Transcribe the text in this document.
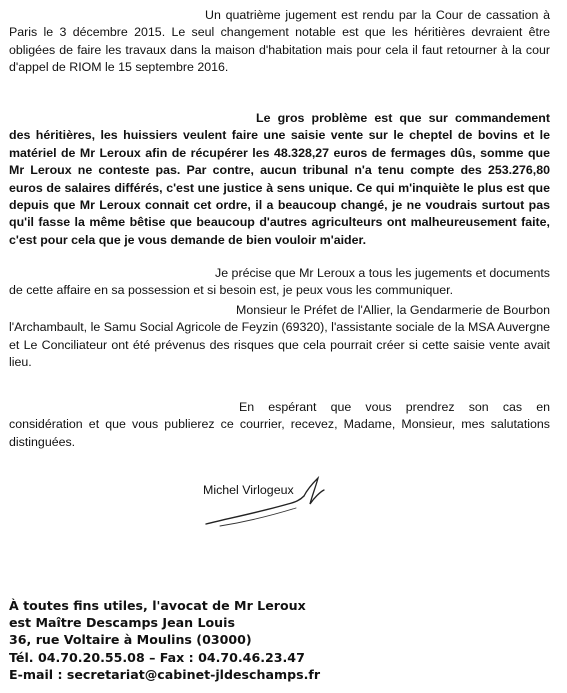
Un quatrième jugement est rendu par la Cour de cassation à Paris le 3 décembre 2015. Le seul changement notable est que les héritières devraient être obligées de faire les travaux dans la maison d'habitation mais pour cela il faut retourner à la cour d'appel de RIOM le 15 septembre 2016.

Le gros problème est que sur commandement des héritières, les huissiers veulent faire une saisie vente sur le cheptel de bovins et le matériel de Mr Leroux afin de récupérer les 48.328,27 euros de fermages dûs, somme que Mr Leroux ne conteste pas. Par contre, aucun tribunal n'a tenu compte des 253.276,80 euros de salaires différés, c'est une justice à sens unique. Ce qui m'inquiète le plus est que depuis que Mr Leroux connait cet ordre, il a beaucoup changé, je ne voudrais surtout pas qu'il fasse la même bêtise que beaucoup d'autres agriculteurs ont malheureusement faite, c'est pour cela que je vous demande de bien vouloir m'aider.

Je précise que Mr Leroux a tous les jugements et documents de cette affaire en sa possession et si besoin est, je peux vous les communiquer.

Monsieur le Préfet de l'Allier, la Gendarmerie de Bourbon l'Archambault, le Samu Social Agricole de Feyzin (69320), l'assistante sociale de la MSA Auvergne et Le Conciliateur ont été prévenus des risques que cela pourrait créer si cette saisie vente avait lieu.

En espérant que vous prendrez son cas en considération et que vous publierez ce courrier, recevez, Madame, Monsieur, mes salutations distinguées.

Michel Virlogeux
À toutes fins utiles, l'avocat de Mr Leroux
est Maître Descamps Jean Louis
36, rue Voltaire à Moulins (03000)
Tél. 04.70.20.55.08 – Fax : 04.70.46.23.47
E-mail : secretariat@cabinet-jldeschamps.fr
